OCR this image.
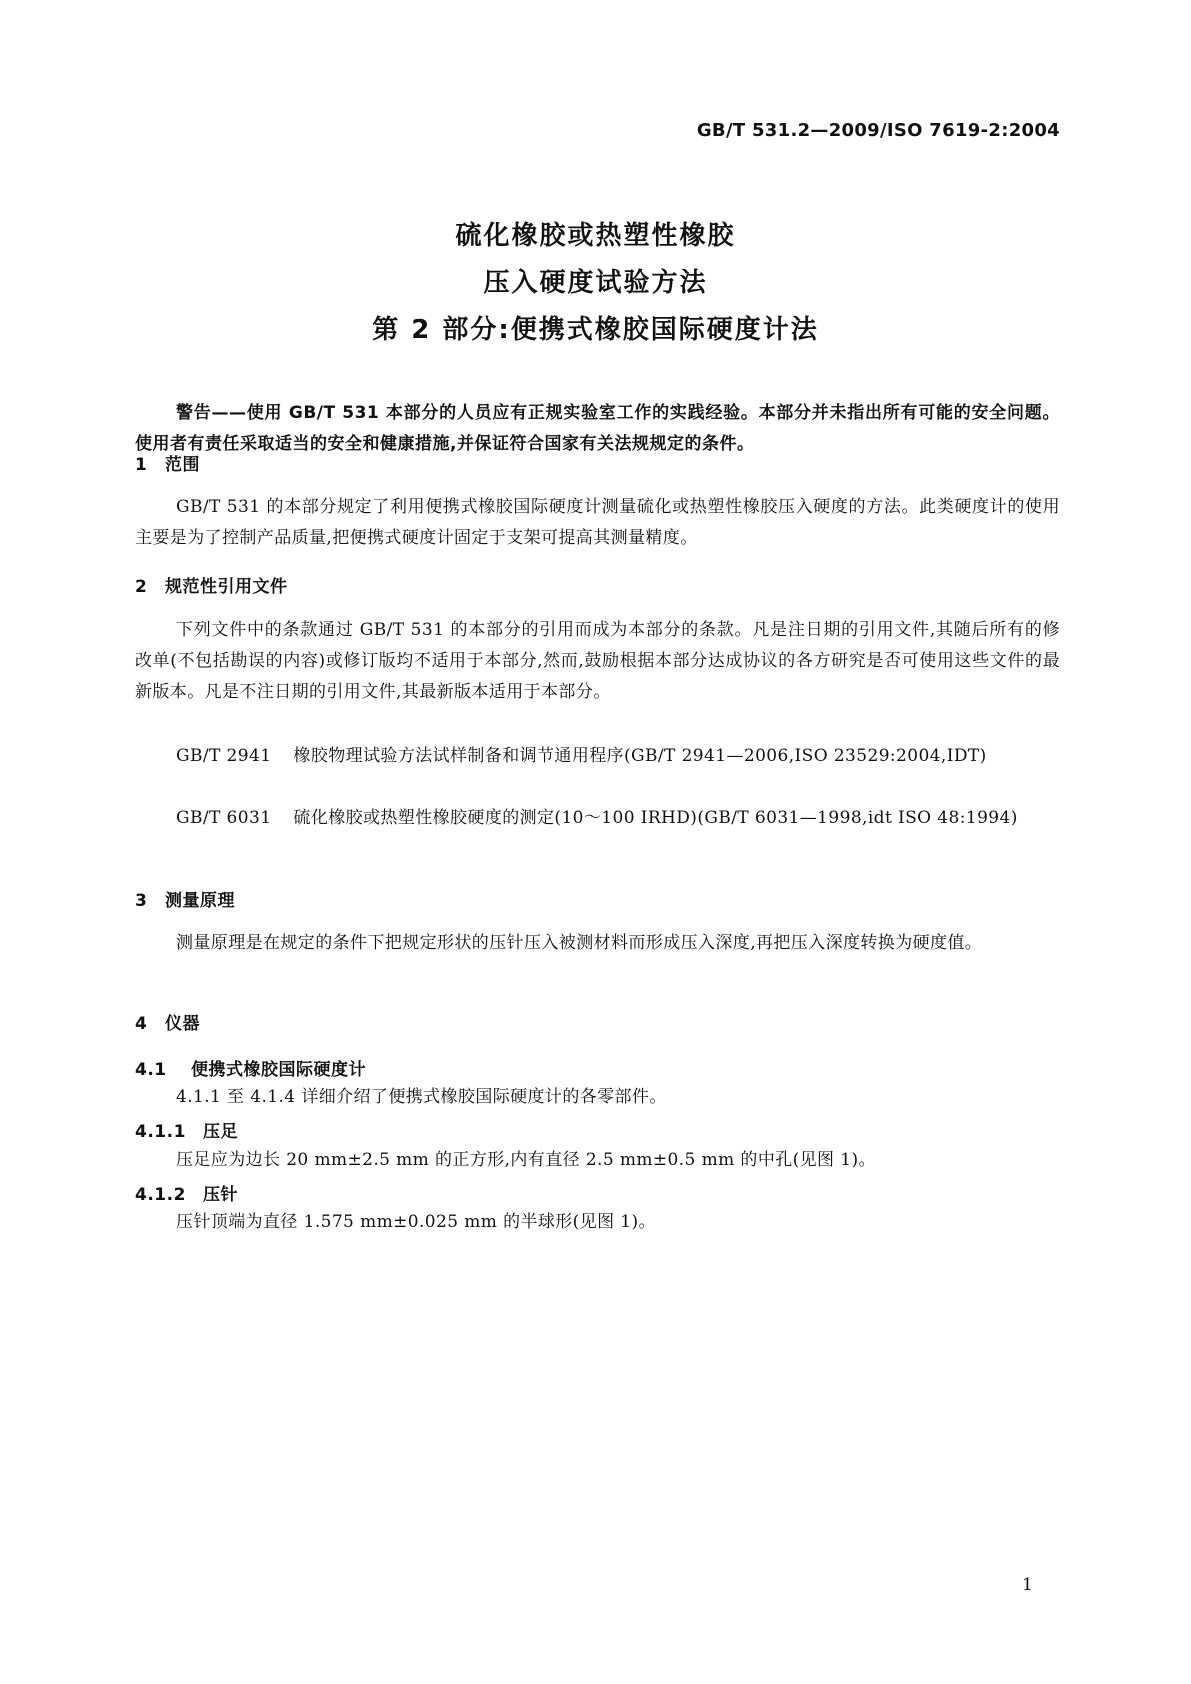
GB/T 531.2—2009/ISO 7619-2:2004
硫化橡胶或热塑性橡胶
压入硬度试验方法
第 2 部分:便携式橡胶国际硬度计法
警告——使用 GB/T 531 本部分的人员应有正规实验室工作的实践经验。本部分并未指出所有可能的安全问题。使用者有责任采取适当的安全和健康措施,并保证符合国家有关法规规定的条件。
1 范围
GB/T 531 的本部分规定了利用便携式橡胶国际硬度计测量硫化或热塑性橡胶压入硬度的方法。此类硬度计的使用主要是为了控制产品质量,把便携式硬度计固定于支架可提高其测量精度。
2 规范性引用文件
下列文件中的条款通过 GB/T 531 的本部分的引用而成为本部分的条款。凡是注日期的引用文件,其随后所有的修改单(不包括勘误的内容)或修订版均不适用于本部分,然而,鼓励根据本部分达成协议的各方研究是否可使用这些文件的最新版本。凡是不注日期的引用文件,其最新版本适用于本部分。
GB/T 2941 橡胶物理试验方法试样制备和调节通用程序(GB/T 2941—2006,ISO 23529:2004,IDT)
GB/T 6031 硫化橡胶或热塑性橡胶硬度的测定(10～100 IRHD)(GB/T 6031—1998,idt ISO 48:1994)
3 测量原理
测量原理是在规定的条件下把规定形状的压针压入被测材料而形成压入深度,再把压入深度转换为硬度值。
4 仪器
4.1 便携式橡胶国际硬度计
4.1.1 至 4.1.4 详细介绍了便携式橡胶国际硬度计的各零部件。
4.1.1 压足
压足应为边长 20 mm±2.5 mm 的正方形,内有直径 2.5 mm±0.5 mm 的中孔(见图 1)。
4.1.2 压针
压针顶端为直径 1.575 mm±0.025 mm 的半球形(见图 1)。
1
